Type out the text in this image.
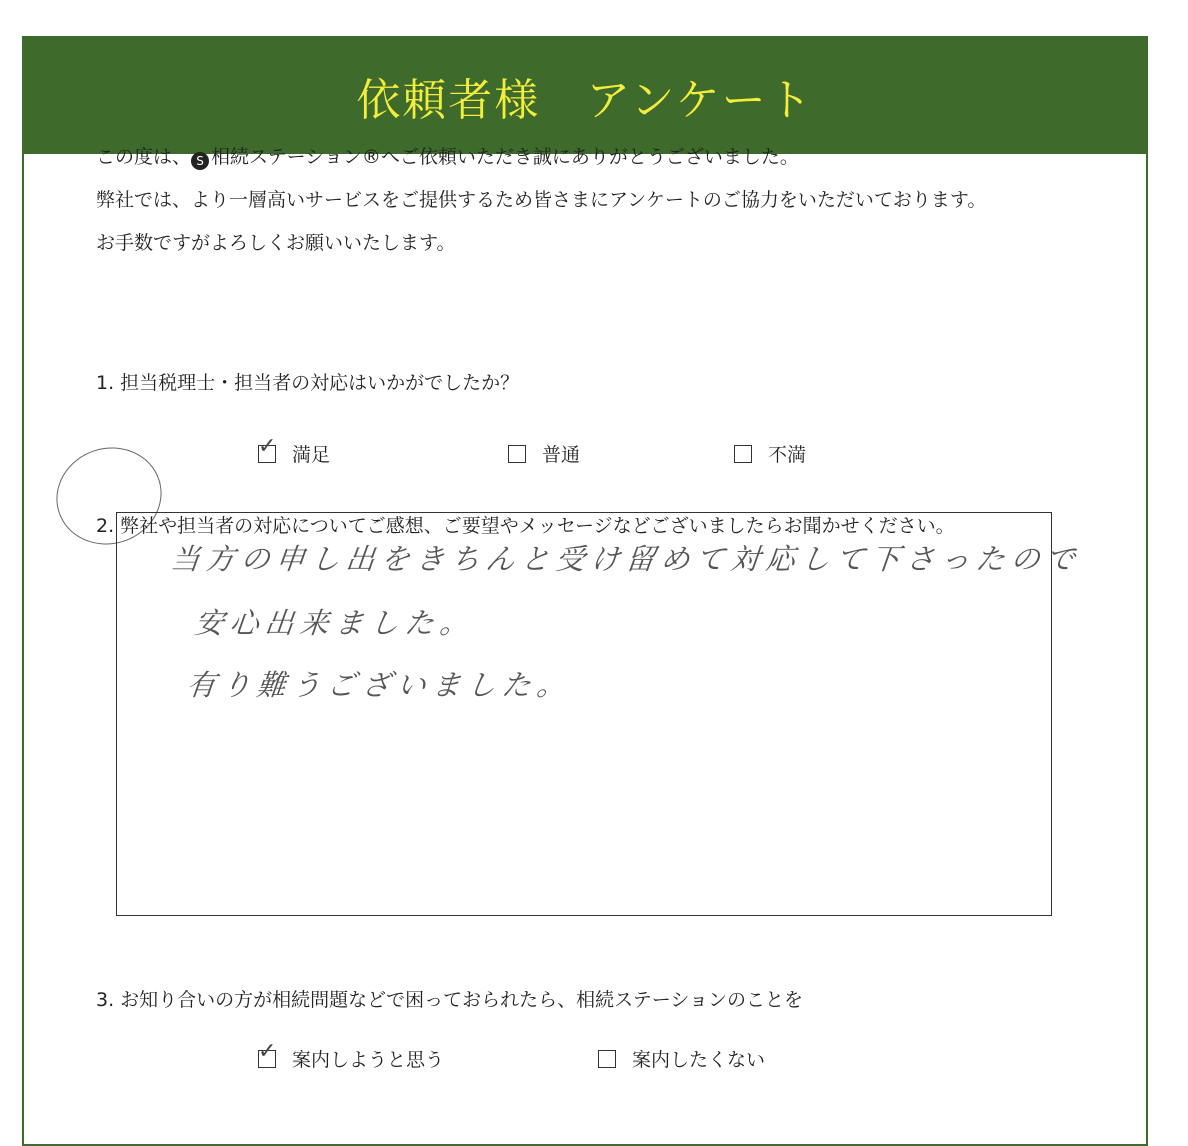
依頼者様　アンケート

この度は、 S 相続ステーション®へご依頼いただき誠にありがとうございました。

弊社では、より一層高いサービスをご提供するため皆さまにアンケートのご協力をいただいております。

お手数ですがよろしくお願いいたします。

1. 担当税理士・担当者の対応はいかがでしたか？
✓ 満足	普通	不満
2. 弊社や担当者の対応についてご感想、ご要望やメッセージなどございましたらお聞かせください。
当方の申し出をきちんと受け留めて対応して下さったので
安心出来ました。
有り難うございました。
3. お知り合いの方が相続問題などで困っておられたら、相続ステーションのことを
✓ 案内しようと思う	案内したくない
